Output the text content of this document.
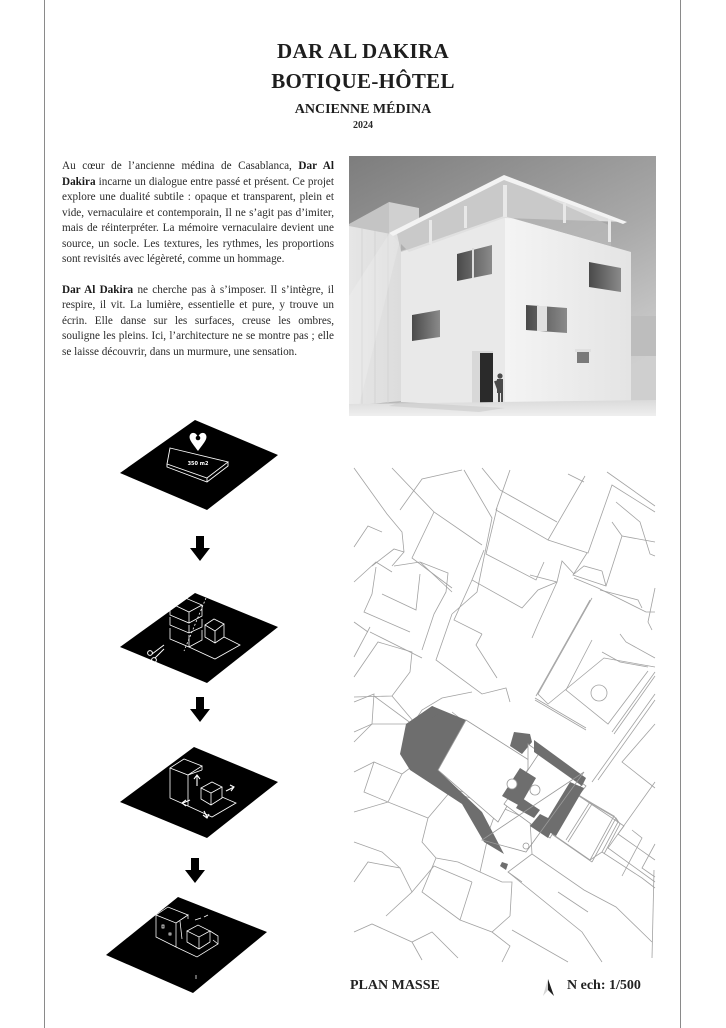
DAR AL DAKIRA
BOTIQUE-HÔTEL
ANCIENNE MÉDINA
2024

Au cœur de l’ancienne médina de Casablanca, Dar Al Dakira incarne un dialogue entre passé et présent. Ce projet explore une dualité subtile : opaque et transparent, plein et vide, vernaculaire et contemporain, Il ne s’agit pas d’imiter, mais de réinterpréter. La mémoire vernaculaire devient une source, un socle. Les textures, les rythmes, les proportions sont revisités avec légèreté, comme un hommage.

Dar Al Dakira ne cherche pas à s’imposer. Il s’intègre, il respire, il vit. La lumière, essentielle et pure, y trouve un écrin. Elle danse sur les surfaces, creuse les ombres, souligne les pleins. Ici, l’architecture ne se montre pas ; elle se laisse découvrir, dans un murmure, une sensation.

350 m2
PLAN MASSE	N ech: 1/500
